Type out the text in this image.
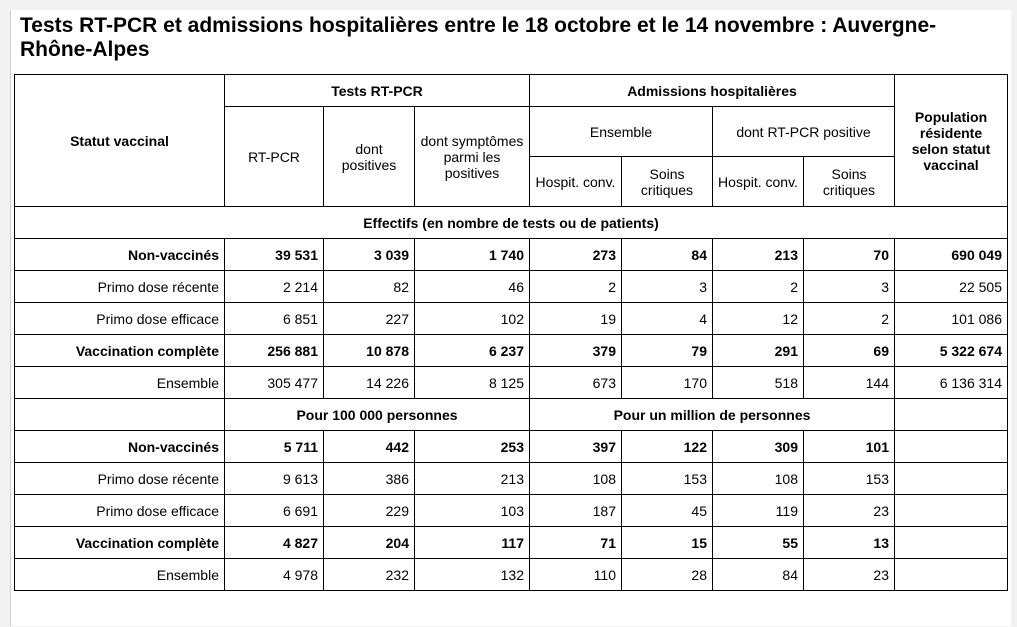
Tests RT-PCR et admissions hospitalières entre le 18 octobre et le 14 novembre : Auvergne-Rhône-Alpes
Statut vaccinal	Tests RT-PCR			Admissions hospitalières				Population résidente selon statut vaccinal
	RT-PCR	dont positives	dont symptômes parmi les positives	Ensemble		dont RT-PCR positive		
				Hospit. conv.	Soins critiques	Hospit. conv.	Soins critiques	
Effectifs (en nombre de tests ou de patients)								
Non-vaccinés	39 531	3 039	1 740	273	84	213	70	690 049
Primo dose récente	2 214	82	46	2	3	2	3	22 505
Primo dose efficace	6 851	227	102	19	4	12	2	101 086
Vaccination complète	256 881	10 878	6 237	379	79	291	69	5 322 674
Ensemble	305 477	14 226	8 125	673	170	518	144	6 136 314
	Pour 100 000 personnes			Pour un million de personnes				
Non-vaccinés	5 711	442	253	397	122	309	101	
Primo dose récente	9 613	386	213	108	153	108	153	
Primo dose efficace	6 691	229	103	187	45	119	23	
Vaccination complète	4 827	204	117	71	15	55	13	
Ensemble	4 978	232	132	110	28	84	23	
